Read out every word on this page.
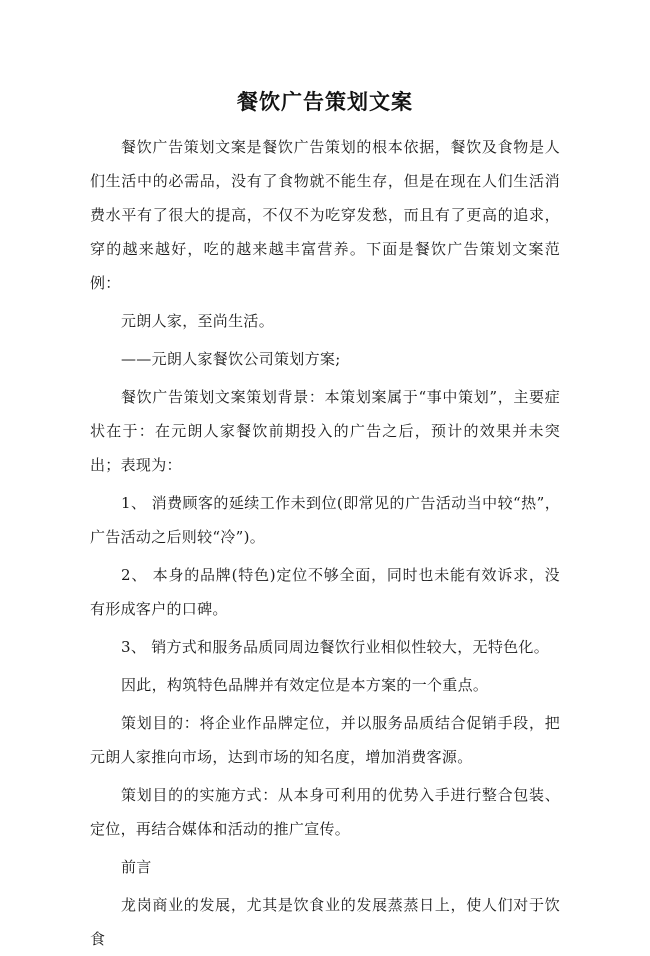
餐饮广告策划文案

餐饮广告策划文案是餐饮广告策划的根本依据，餐饮及食物是人们生活中的必需品，没有了食物就不能生存，但是在现在人们生活消费水平有了很大的提高，不仅不为吃穿发愁，而且有了更高的追求，穿的越来越好，吃的越来越丰富营养。下面是餐饮广告策划文案范例：

元朗人家，至尚生活。

——元朗人家餐饮公司策划方案;

餐饮广告策划文案策划背景：本策划案属于“事中策划”，主要症状在于：在元朗人家餐饮前期投入的广告之后，预计的效果并未突出；表现为：

1、 消费顾客的延续工作未到位(即常见的广告活动当中较“热”，广告活动之后则较“冷”)。

2、 本身的品牌(特色)定位不够全面，同时也未能有效诉求，没有形成客户的口碑。

3、 销方式和服务品质同周边餐饮行业相似性较大，无特色化。

因此，构筑特色品牌并有效定位是本方案的一个重点。

策划目的：将企业作品牌定位，并以服务品质结合促销手段，把元朗人家推向市场，达到市场的知名度，增加消费客源。

策划目的的实施方式：从本身可利用的优势入手进行整合包装、定位，再结合媒体和活动的推广宣传。

前言

龙岗商业的发展，尤其是饮食业的发展蒸蒸日上，使人们对于饮食
